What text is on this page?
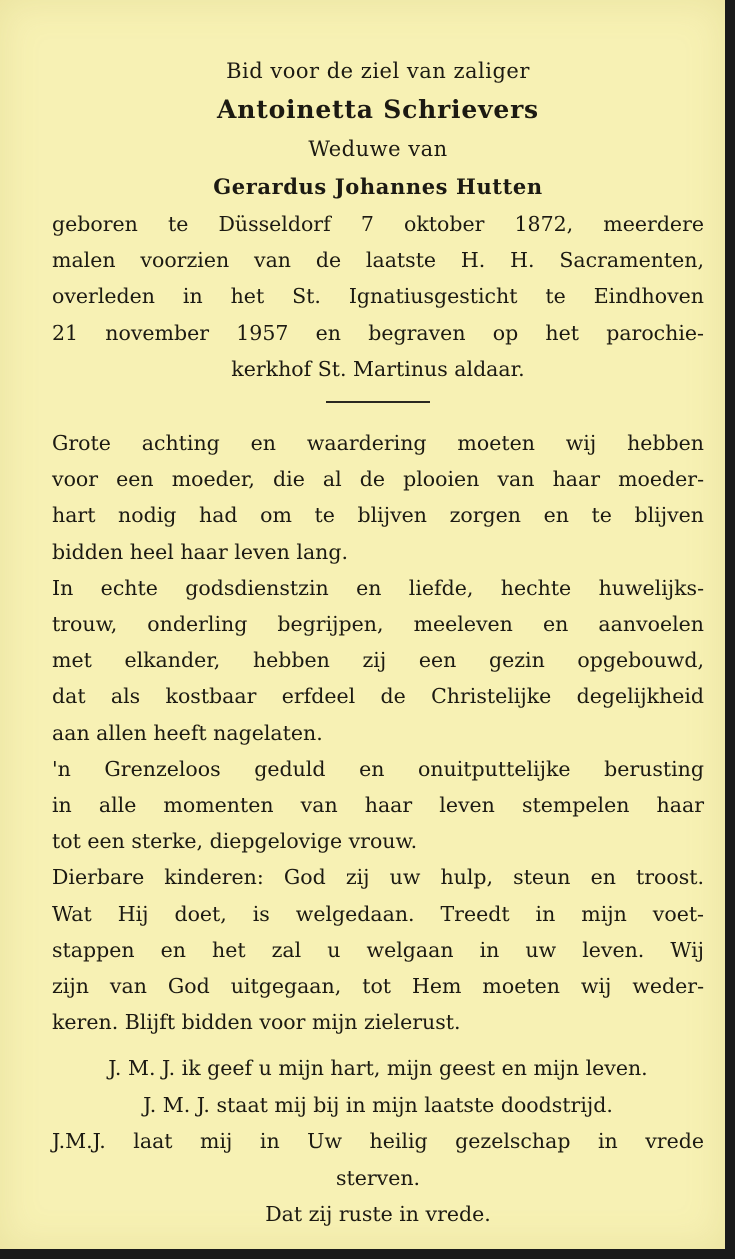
Bid voor de ziel van zaliger
Antoinetta Schrievers
Weduwe van
Gerardus Johannes Hutten
geboren te Düsseldorf 7 oktober 1872, meerdere
malen voorzien van de laatste H. H. Sacramenten,
overleden in het St. Ignatiusgesticht te Eindhoven
21 november 1957 en begraven op het parochie-
kerkhof St. Martinus aldaar.
Grote achting en waardering moeten wij hebben
voor een moeder, die al de plooien van haar moeder-
hart nodig had om te blijven zorgen en te blijven
bidden heel haar leven lang.
In echte godsdienstzin en liefde, hechte huwelijks-
trouw, onderling begrijpen, meeleven en aanvoelen
met elkander, hebben zij een gezin opgebouwd,
dat als kostbaar erfdeel de Christelijke degelijkheid
aan allen heeft nagelaten.
'n Grenzeloos geduld en onuitputtelijke berusting
in alle momenten van haar leven stempelen haar
tot een sterke, diepgelovige vrouw.
Dierbare kinderen: God zij uw hulp, steun en troost.
Wat Hij doet, is welgedaan. Treedt in mijn voet-
stappen en het zal u welgaan in uw leven. Wij
zijn van God uitgegaan, tot Hem moeten wij weder-
keren. Blijft bidden voor mijn zielerust.
J. M. J. ik geef u mijn hart, mijn geest en mijn leven.
J. M. J. staat mij bij in mijn laatste doodstrijd.
J.M.J. laat mij in Uw heilig gezelschap in vrede
sterven.
Dat zij ruste in vrede.
